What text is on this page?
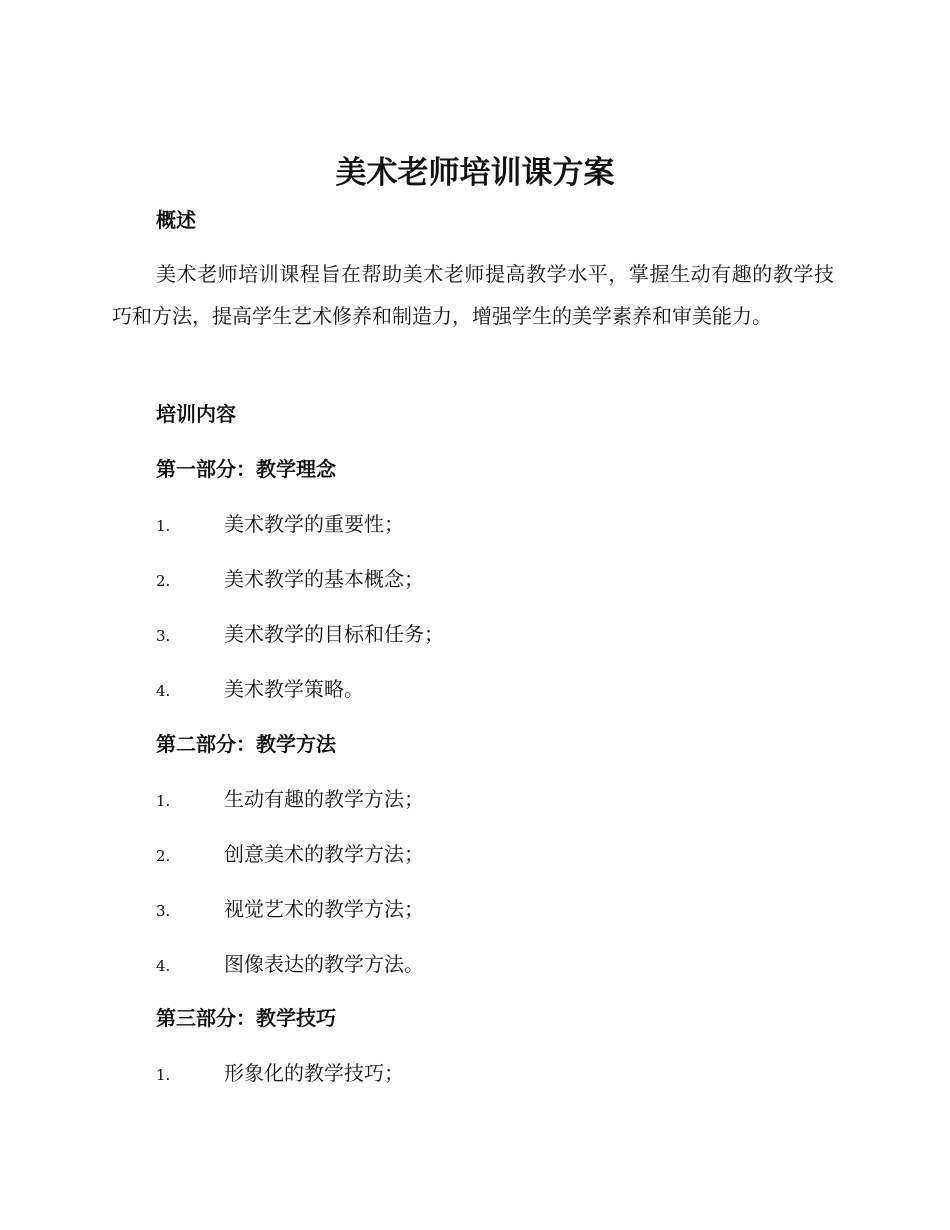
美术老师培训课方案
概述
美术老师培训课程旨在帮助美术老师提高教学水平，掌握生动有趣的教学技巧和方法，提高学生艺术修养和制造力，增强学生的美学素养和审美能力。
培训内容
第一部分：教学理念
1.	美术教学的重要性；
2.	美术教学的基本概念；
3.	美术教学的目标和任务；
4.	美术教学策略。
第二部分：教学方法
1.	生动有趣的教学方法；
2.	创意美术的教学方法；
3.	视觉艺术的教学方法；
4.	图像表达的教学方法。
第三部分：教学技巧
1.	形象化的教学技巧；
